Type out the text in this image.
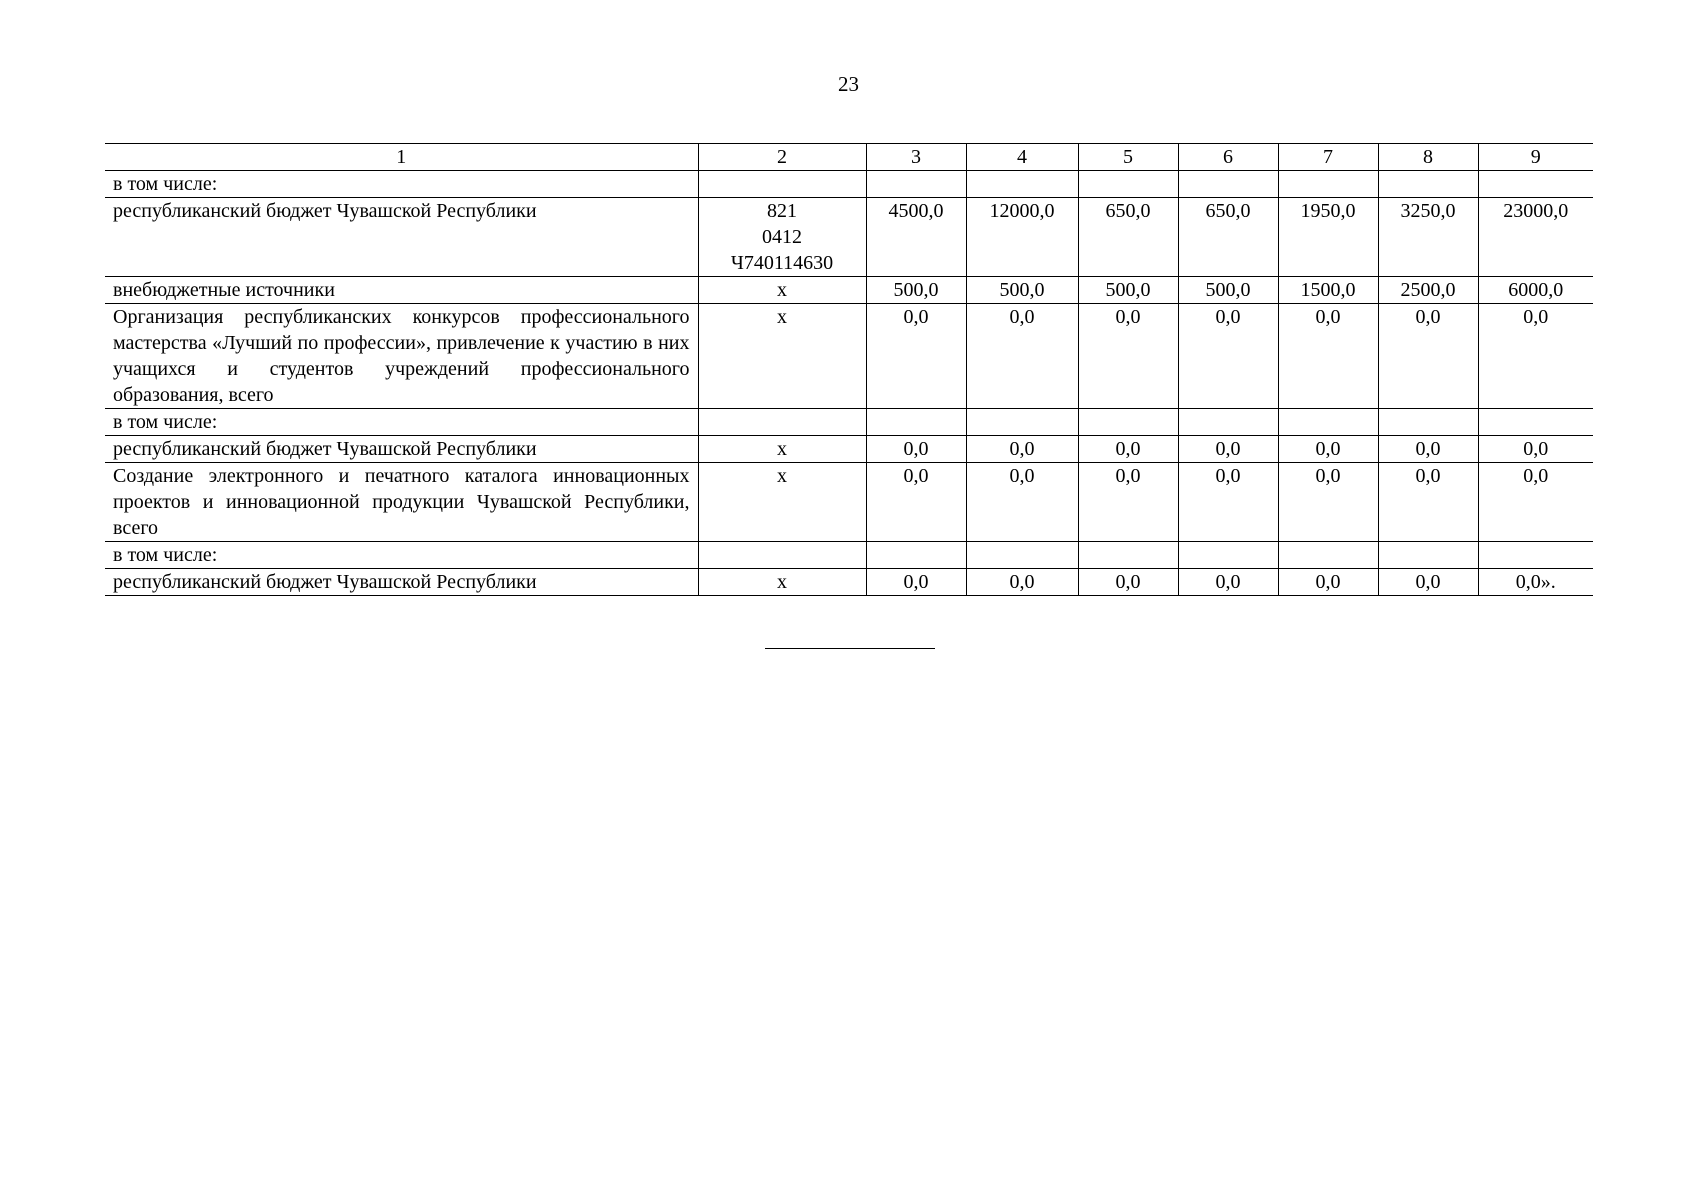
23
1	2	3	4	5	6	7	8	9
в том числе:	

республиканский бюджет Чувашской Республики	821
0412
Ч740114630	4500,0	12000,0	650,0	650,0	1950,0	3250,0	23000,0
внебюджетные источники	х	500,0	500,0	500,0	500,0	1500,0	2500,0	6000,0
Организация республиканских конкурсов профессионального мастерства «Лучший по профессии», привлечение к участию в них учащихся и студентов учреждений профессионального образования, всего	х	0,0	0,0	0,0	0,0	0,0	0,0	0,0
в том числе:	

республиканский бюджет Чувашской Республики	х	0,0	0,0	0,0	0,0	0,0	0,0	0,0
Создание электронного и печатного каталога инновационных проектов и инновационной продукции Чувашской Республики, всего	х	0,0	0,0	0,0	0,0	0,0	0,0	0,0
в том числе:	

республиканский бюджет Чувашской Республики	х	0,0	0,0	0,0	0,0	0,0	0,0	0,0».
